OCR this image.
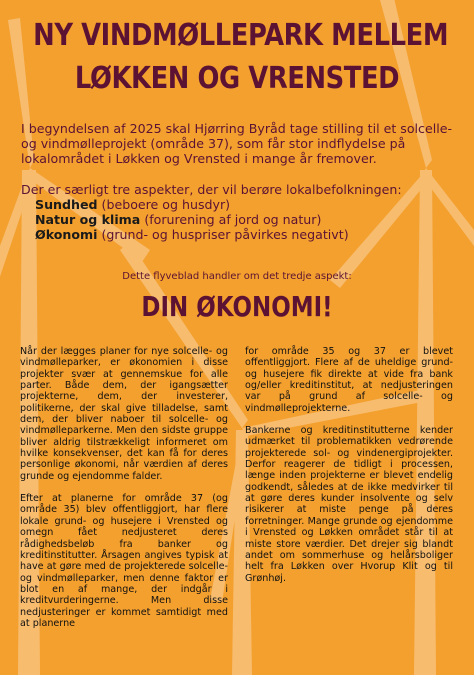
NY VINDMØLLEPARK MELLEM
LØKKEN OG VRENSTED

I begyndelsen af 2025 skal Hjørring Byråd tage stilling til et solcelle- og vindmølleprojekt (område 37), som får stor indflydelse på lokalområdet i Løkken og Vrensted i mange år fremover.

Der er særligt tre aspekter, der vil berøre lokalbefolkningen:
Sundhed (beboere og husdyr)
Natur og klima (forurening af jord og natur)
Økonomi (grund- og huspriser påvirkes negativt)
Dette flyveblad handler om det tredje aspekt:
DIN ØKONOMI!

Når der lægges planer for nye solcelle- og vindmølleparker, er økonomien i disse projekter svær at gennemskue for alle parter. Både dem, der igangsætter projekterne, dem, der investerer, politikerne, der skal give tilladelse, samt dem, der bliver naboer til solcelle- og vindmølleparkerne. Men den sidste gruppe bliver aldrig tilstrækkeligt informeret om hvilke konsekvenser, det kan få for deres personlige økonomi, når værdien af deres grunde og ejendomme falder.

Efter at planerne for område 37 (og område 35) blev offentliggjort, har flere lokale grund- og husejere i Vrensted og omegn fået nedjusteret deres rådighedsbeløb fra banker og kreditinstitutter. Årsagen angives typisk at have at gøre med de projekterede solcelle- og vindmølleparker, men denne faktor er blot en af mange, der indgår i kreditvurderingerne. Men disse nedjusteringer er kommet samtidigt med at planerne

for område 35 og 37 er blevet offentliggjort. Flere af de uheldige grund- og husejere fik direkte at vide fra bank og/eller kreditinstitut, at nedjusteringen var på grund af solcelle- og vindmølleprojekterne.

Bankerne og kreditinstitutterne kender udmærket til problematikken vedrørende projekterede sol- og vindenergiprojekter. Derfor reagerer de tidligt i processen, længe inden projekterne er blevet endelig godkendt, således at de ikke medvirker til at gøre deres kunder insolvente og selv risikerer at miste penge på deres forretninger. Mange grunde og ejendomme i Vrensted og Løkken området står til at miste store værdier. Det drejer sig blandt andet om sommerhuse og helårsboliger helt fra Løkken over Hvorup Klit og til Grønhøj.
